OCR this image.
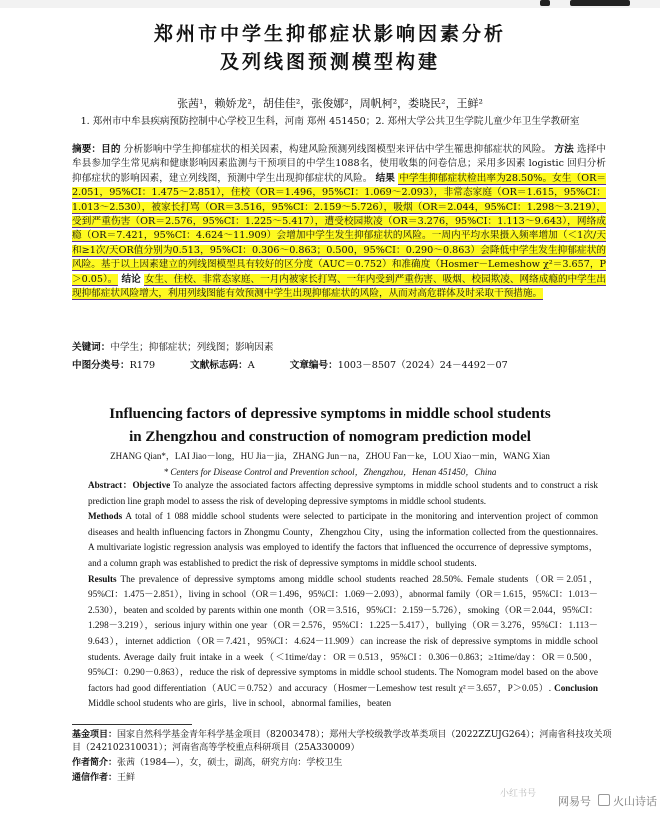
郑州市中学生抑郁症状影响因素分析
及列线图预测模型构建
张茜¹，赖娇龙²，胡佳佳²，张俊娜²，周帆柯²，娄晓民²，王鲜²
1. 郑州市中牟县疾病预防控制中心学校卫生科，河南 郑州 451450；2. 郑州大学公共卫生学院儿童少年卫生学教研室
摘要：目的 分析影响中学生抑郁症状的相关因素，构建风险预测列线图模型来评估中学生罹患抑郁症状的风险。 方法 选择中牟县参加学生常见病和健康影响因素监测与干预项目的中学生1088名，使用收集的问卷信息；采用多因素 logistic 回归分析抑郁症状的影响因素，建立列线图，预测中学生出现抑郁症状的风险。 结果 中学生抑郁症状检出率为28.50%。女生（OR＝2.051，95%CI：1.475～2.851），住校（OR＝1.496，95%CI：1.069～2.093），非常态家庭（OR＝1.615，95%CI：1.013～2.530），被家长打骂（OR＝3.516，95%CI：2.159～5.726），吸烟（OR＝2.044，95%CI：1.298～3.219），受到严重伤害（OR＝2.576，95%CI：1.225～5.417），遭受校园欺凌（OR＝3.276，95%CI：1.113～9.643），网络成瘾（OR＝7.421，95%CI：4.624～11.909）会增加中学生发生抑郁症状的风险。一周内平均水果摄入频率增加（＜1次/天和≥1次/天OR值分别为0.513，95%CI：0.306～0.863；0.500，95%CI：0.290～0.863）会降低中学生发生抑郁症状的风险。基于以上因素建立的列线图模型具有较好的区分度（AUC＝0.752）和准确度（Hosmer－Lemeshow χ²＝3.657，P＞0.05）。 结论 女生、住校、非常态家庭、一月内被家长打骂、一年内受到严重伤害、吸烟、校园欺凌、网络成瘾的中学生出现抑郁症状风险增大，利用列线图能有效预测中学生出现抑郁症状的风险，从而对高危群体及时采取干预措施。
关键词：中学生；抑郁症状；列线图；影响因素
中图分类号：R179	文献标志码：A	文章编号：1003－8507（2024）24－4492－07
Influencing factors of depressive symptoms in middle school students
in Zhengzhou and construction of nomogram prediction model
ZHANG Qian*，LAI Jiao－long，HU Jia－jia，ZHANG Jun－na，ZHOU Fan－ke，LOU Xiao－min，WANG Xian
* Centers for Disease Control and Prevention school，Zhengzhou，Henan 451450，China
Abstract：Objective To analyze the associated factors affecting depressive symptoms in middle school students and to construct a risk prediction line graph model to assess the risk of developing depressive symptoms in middle school students.
Methods A total of 1 088 middle school students were selected to participate in the monitoring and intervention project of common diseases and health influencing factors in Zhongmu County，Zhengzhou City，using the information collected from the questionnaires. A multivariate logistic regression analysis was employed to identify the factors that influenced the occurrence of depressive symptoms，and a column graph was established to predict the risk of depressive symptoms in middle school students.
Results The prevalence of depressive symptoms among middle school students reached 28.50%. Female students（OR＝2.051，95%CI：1.475－2.851），living in school（OR＝1.496，95%CI：1.069－2.093），abnormal family（OR＝1.615，95%CI：1.013－2.530），beaten and scolded by parents within one month（OR＝3.516，95%CI：2.159－5.726），smoking（OR＝2.044，95%CI：1.298－3.219），serious injury within one year（OR＝2.576，95%CI：1.225－5.417），bullying（OR＝3.276，95%CI：1.113－9.643），internet addiction（OR＝7.421，95%CI：4.624－11.909）can increase the risk of depressive symptoms in middle school students. Average daily fruit intake in a week（＜1time/day：OR＝0.513，95%CI：0.306－0.863；≥1time/day：OR＝0.500，95%CI：0.290－0.863），reduce the risk of depressive symptoms in middle school students. The Nomogram model based on the above factors had good differentiation（AUC＝0.752）and accuracy（Hosmer－Lemeshow test result χ²＝3.657，P＞0.05）. Conclusion Middle school students who are girls，live in school，abnormal families，beaten
基金项目：国家自然科学基金青年科学基金项目（82003478）；郑州大学校级教学改革类项目（2022ZZUJG264）；河南省科技攻关项目（242102310031）；河南省高等学校重点科研项目（25A330009）
作者简介：张茜（1984—），女，硕士，副高，研究方向：学校卫生
通信作者：王鲜
小红书号
网易号	火山诗话
